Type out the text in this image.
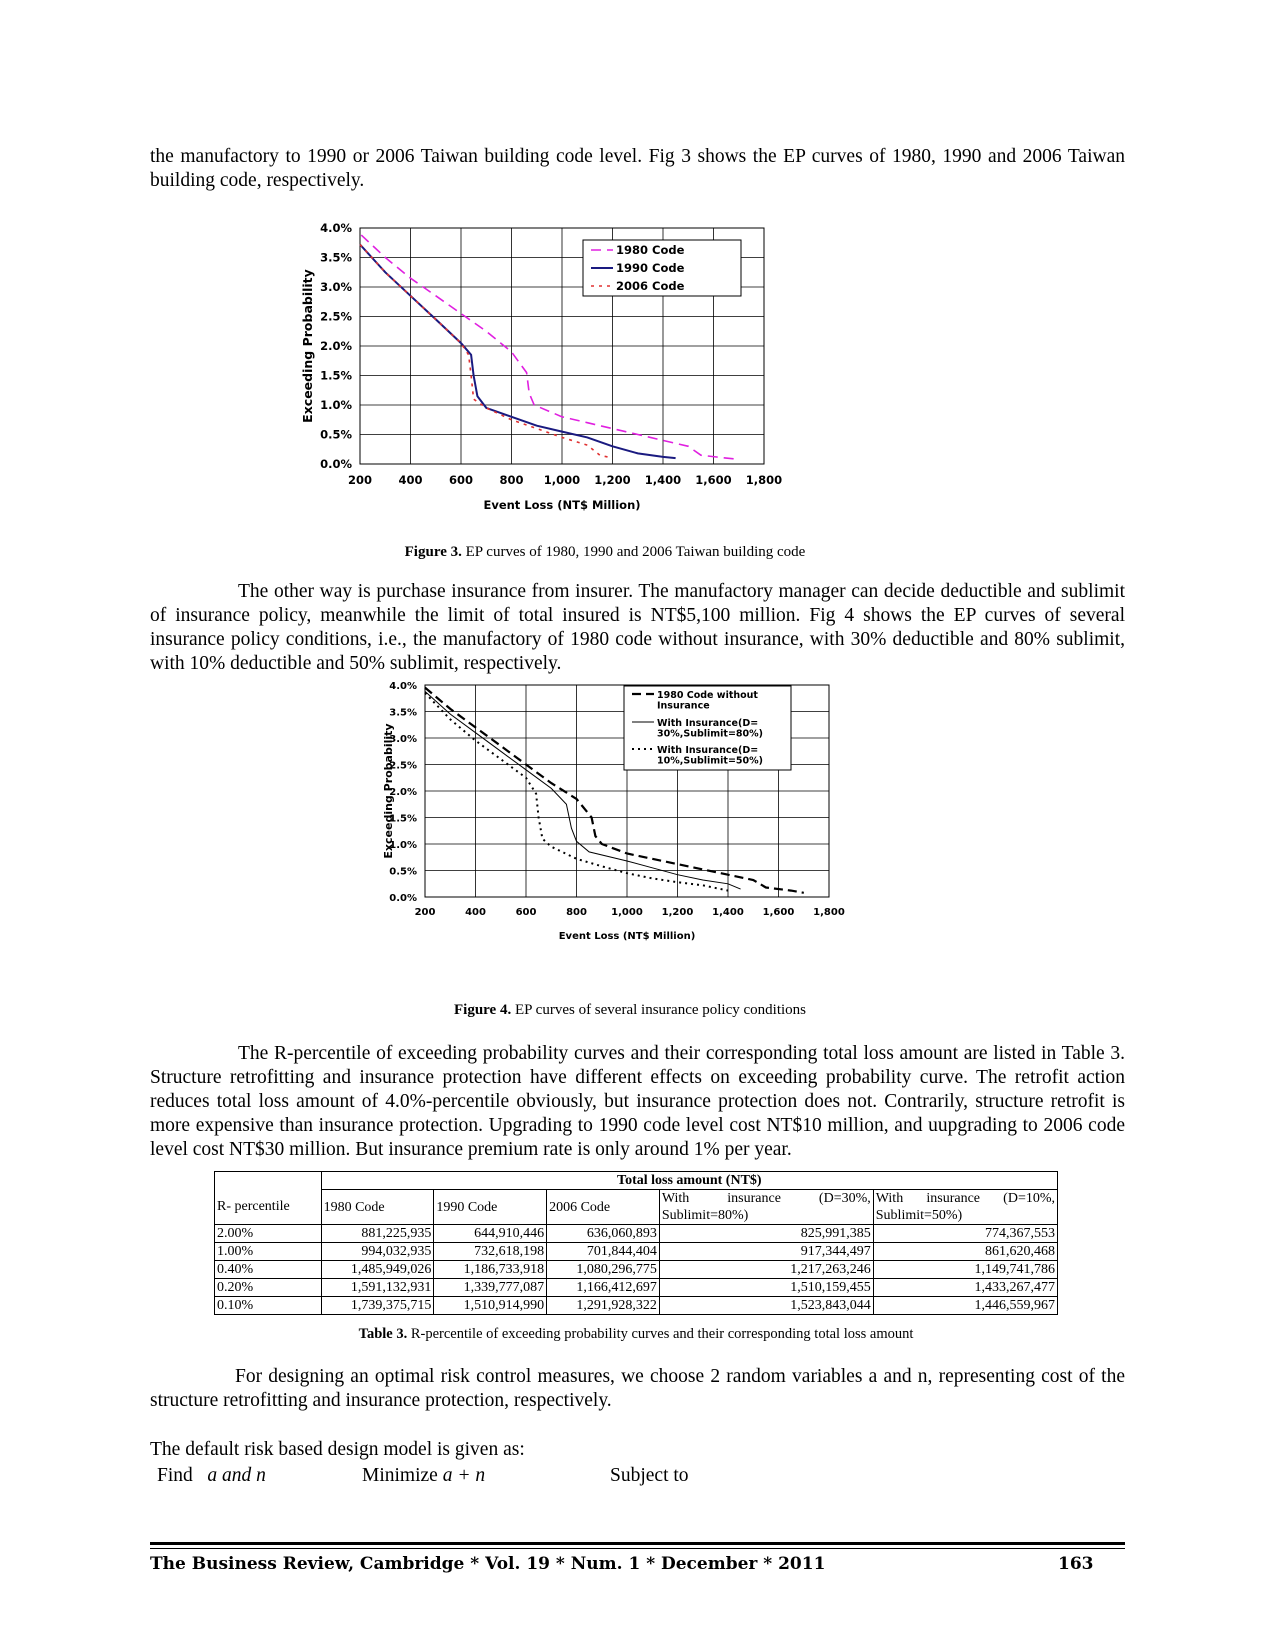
the manufactory to 1990 or 2006 Taiwan building code level. Fig 3 shows the EP curves of 1980, 1990 and 2006 Taiwan building code, respectively.

200 400 600 800 1,000 1,200 1,400 1,600 1,800
0.0%
0.5%
1.0%
1.5%
2.0%
2.5%
3.0%
3.5%
4.0%
Event Loss (NT$ Million)
Exceeding Probability
1980 Code
1990 Code
2006 Code
Figure 3. EP curves of 1980, 1990 and 2006 Taiwan building code

The other way is purchase insurance from insurer. The manufactory manager can decide deductible and sublimit of insurance policy, meanwhile the limit of total insured is NT$5,100 million. Fig 4 shows the EP curves of several insurance policy conditions, i.e., the manufactory of 1980 code without insurance, with 30% deductible and 80% sublimit, with 10% deductible and 50% sublimit, respectively.

200	400	600	800 1,000 1,200 1,400 1,600 1,800
0.0%
0.5%
1.0%
1.5%
2.0%
2.5%
3.0%
3.5%
4.0%
Event Loss (NT$ Million)
Exceeding Probability
1980 Code without Insurance
With Insurance(D= 30%,Sublimit=80%)
With Insurance(D= 10%,Sublimit=50%)
Figure 4. EP curves of several insurance policy conditions

The R-percentile of exceeding probability curves and their corresponding total loss amount are listed in Table 3. Structure retrofitting and insurance protection have different effects on exceeding probability curve. The retrofit action reduces total loss amount of 4.0%-percentile obviously, but insurance protection does not. Contrarily, structure retrofit is more expensive than insurance protection. Upgrading to 1990 code level cost NT$10 million, and uupgrading to 2006 code level cost NT$30 million. But insurance premium rate is only around 1% per year.

	Total loss amount (NT$)				
R- percentile	1980 Code	1990 Code	2006 Code	With insurance (D=30%, Sublimit=80%)	With insurance (D=10%, Sublimit=50%)
2.00%	881,225,935	644,910,446	636,060,893	825,991,385	774,367,553
1.00%	994,032,935	732,618,198	701,844,404	917,344,497	861,620,468
0.40%	1,485,949,026	1,186,733,918	1,080,296,775	1,217,263,246	1,149,741,786
0.20%	1,591,132,931	1,339,777,087	1,166,412,697	1,510,159,455	1,433,267,477
0.10%	1,739,375,715	1,510,914,990	1,291,928,322	1,523,843,044	1,446,559,967
Table 3. R-percentile of exceeding probability curves and their corresponding total loss amount

For designing an optimal risk control measures, we choose 2 random variables a and n, representing cost of the structure retrofitting and insurance protection, respectively.

The default risk based design model is given as:

Find a and n	Minimize a + n	Subject to
The Business Review, Cambridge * Vol. 19 * Num. 1 * December * 2011	163
